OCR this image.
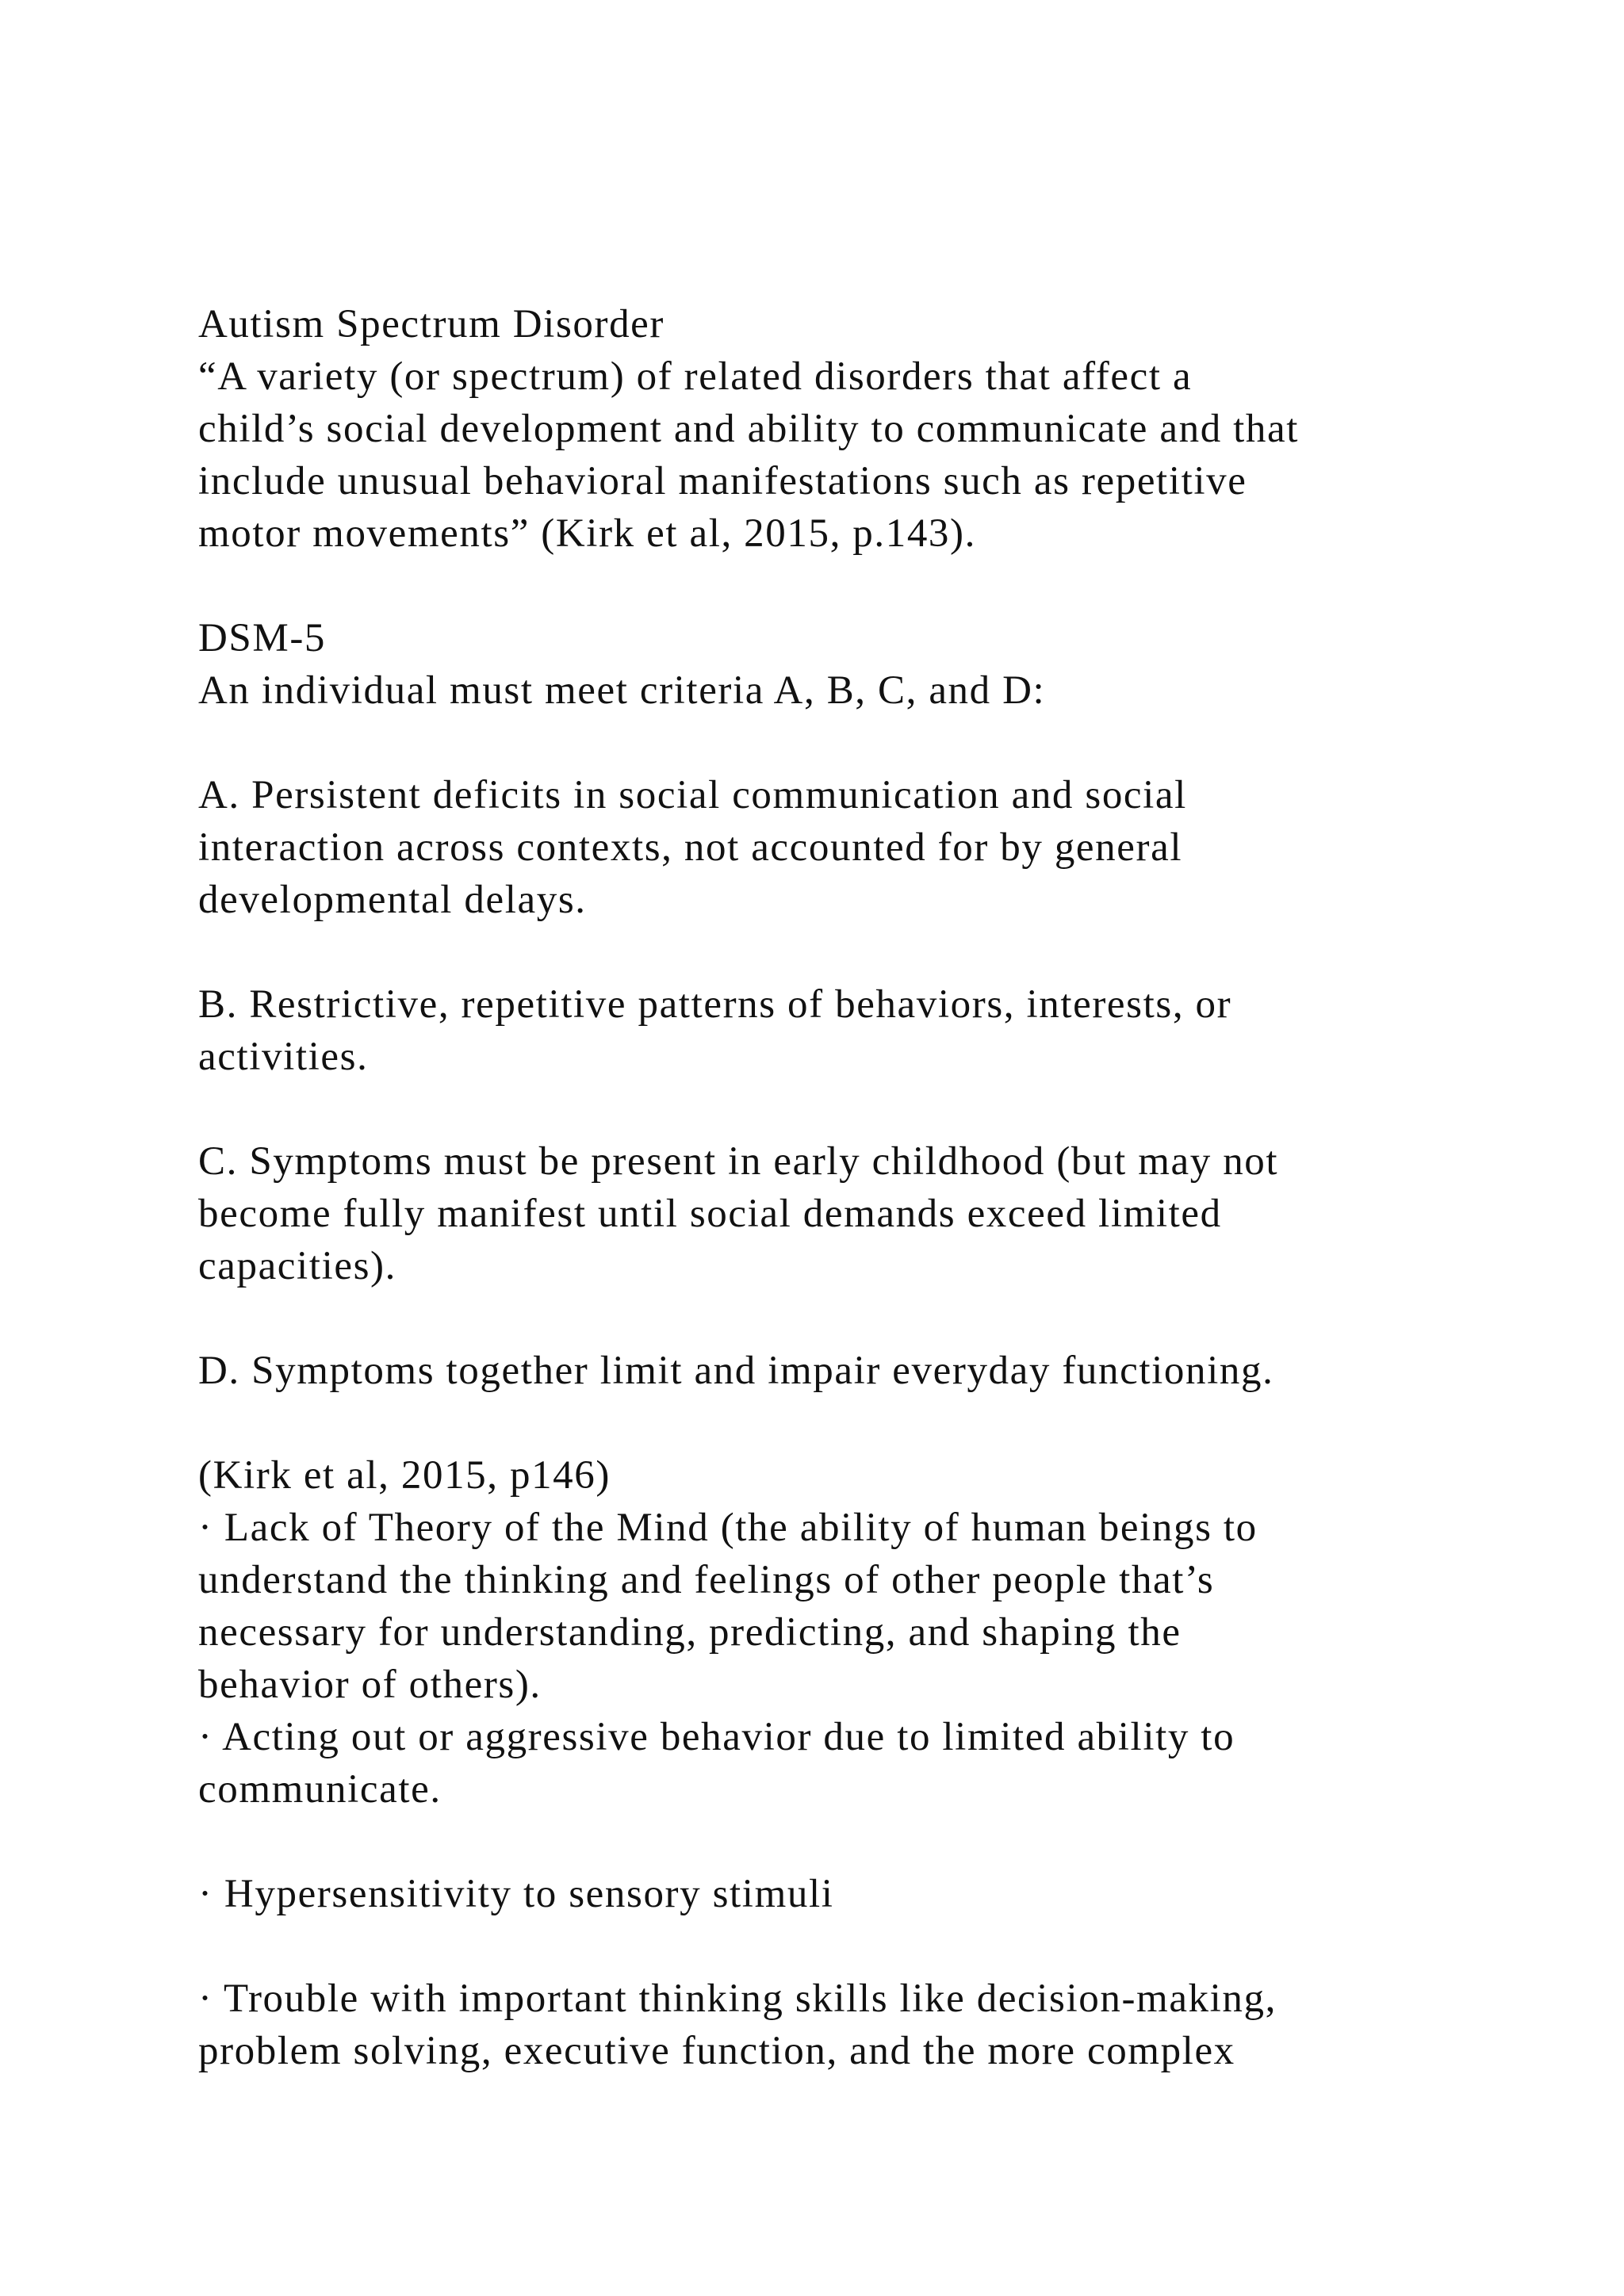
Autism Spectrum Disorder
“A variety (or spectrum) of related disorders that affect a
child’s social development and ability to communicate and that
include unusual behavioral manifestations such as repetitive
motor movements” (Kirk et al, 2015, p.143).
DSM-5
An individual must meet criteria A, B, C, and D:
A. Persistent deficits in social communication and social
interaction across contexts, not accounted for by general
developmental delays.
B. Restrictive, repetitive patterns of behaviors, interests, or
activities.
C. Symptoms must be present in early childhood (but may not
become fully manifest until social demands exceed limited
capacities).
D. Symptoms together limit and impair everyday functioning.
(Kirk et al, 2015, p146)
· Lack of Theory of the Mind (the ability of human beings to
understand the thinking and feelings of other people that’s
necessary for understanding, predicting, and shaping the
behavior of others).
· Acting out or aggressive behavior due to limited ability to
communicate.
· Hypersensitivity to sensory stimuli
· Trouble with important thinking skills like decision-making,
problem solving, executive function, and the more complex
